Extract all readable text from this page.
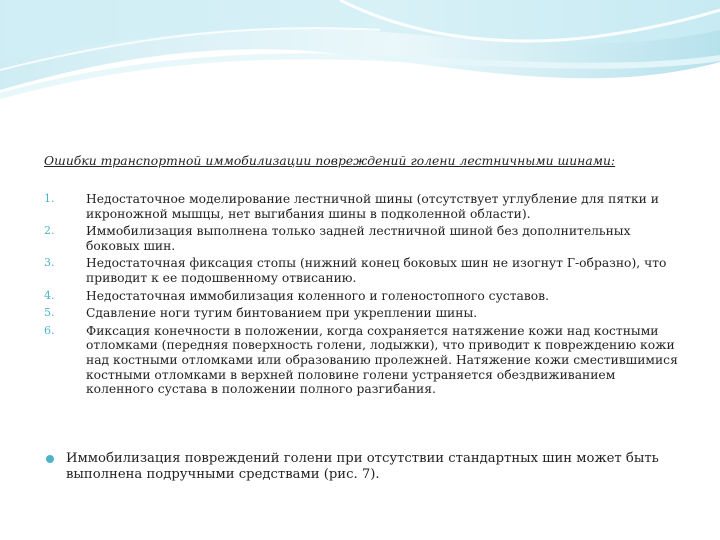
Ошибки транспортной иммобилизации повреждений голени лестничными шинами:
1.	Недостаточное моделирование лестничной шины (отсутствует углубление для пятки и икроножной мышцы, нет выгибания шины в подколенной области).
2.	Иммобилизация выполнена только задней лестничной шиной без дополнительных боковых шин.
3.	Недостаточная фиксация стопы (нижний конец боковых шин не изогнут Г-образно), что приводит к ее подошвенному отвисанию.
4.	Недостаточная иммобилизация коленного и голеностопного суставов.
5.	Сдавление ноги тугим бинтованием при укреплении шины.
6.	Фиксация конечности в положении, когда сохраняется натяжение кожи над костными отломками (передняя поверхность голени, лодыжки), что приводит к повреждению кожи над костными отломками или образованию пролежней. Натяжение кожи сместившимися костными отломками в верхней половине голени устраняется обездвиживанием коленного сустава в положении полного разгибания.
Иммобилизация повреждений голени при отсутствии стандартных шин может быть выполнена подручными средствами (рис. 7).
